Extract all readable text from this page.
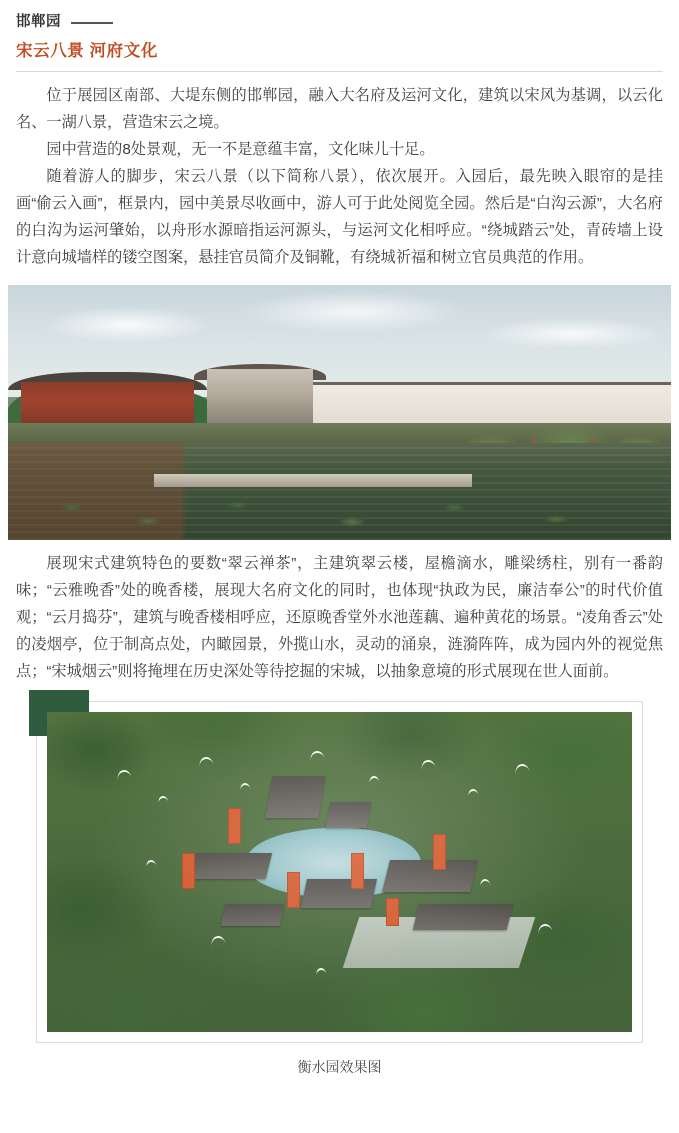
邯郸园
宋云八景 河府文化

位于展园区南部、大堤东侧的邯郸园，融入大名府及运河文化，建筑以宋风为基调，以云化名、一湖八景，营造宋云之境。

园中营造的8处景观，无一不是意蕴丰富，文化味儿十足。

随着游人的脚步，宋云八景（以下简称八景），依次展开。入园后，最先映入眼帘的是挂画“偷云入画”，框景内，园中美景尽收画中，游人可于此处阅览全园。然后是“白沟云源”，大名府的白沟为运河肇始，以舟形水源暗指运河源头，与运河文化相呼应。“绕城踏云”处，青砖墙上设计意向城墙样的镂空图案，悬挂官员简介及铜靴，有绕城祈福和树立官员典范的作用。

展现宋式建筑特色的要数“翠云禅茶”，主建筑翠云楼，屋檐滴水，雕梁绣柱，别有一番韵味；“云雅晚香”处的晚香楼，展现大名府文化的同时，也体现“执政为民，廉洁奉公”的时代价值观；“云月捣芬”，建筑与晚香楼相呼应，还原晚香堂外水池莲藕、遍种黄花的场景。“凌角香云”处的凌烟亭，位于制高点处，内瞰园景，外揽山水，灵动的涌泉，涟漪阵阵，成为园内外的视觉焦点；“宋城烟云”则将掩埋在历史深处等待挖掘的宋城，以抽象意境的形式展现在世人面前。

衡水园效果图
